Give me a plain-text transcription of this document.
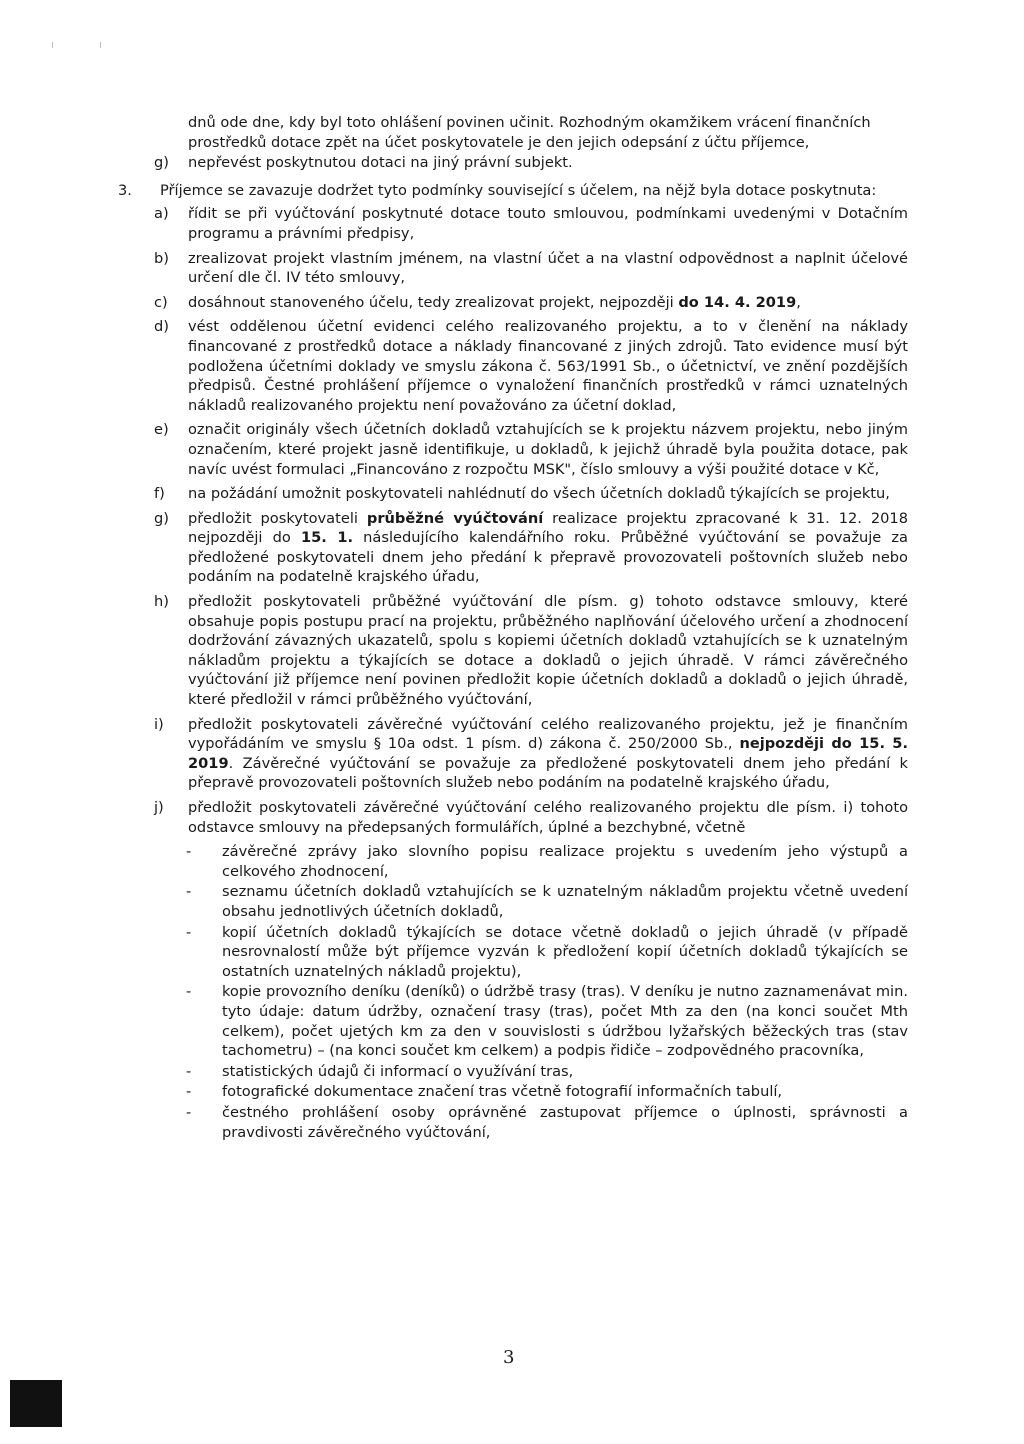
dnů ode dne, kdy byl toto ohlášení povinen učinit. Rozhodným okamžikem vrácení finančních prostředků dotace zpět na účet poskytovatele je den jejich odepsání z účtu příjemce,

g) nepřevést poskytnutou dotaci na jiný právní subjekt.
3. Příjemce se zavazuje dodržet tyto podmínky související s účelem, na nějž byla dotace poskytnuta:
a) řídit se při vyúčtování poskytnuté dotace touto smlouvou, podmínkami uvedenými v Dotačním programu a právními předpisy,
b) zrealizovat projekt vlastním jménem, na vlastní účet a na vlastní odpovědnost a naplnit účelové určení dle čl. IV této smlouvy,
c) dosáhnout stanoveného účelu, tedy zrealizovat projekt, nejpozději do 14. 4. 2019,
d) vést oddělenou účetní evidenci celého realizovaného projektu, a to v členění na náklady financované z prostředků dotace a náklady financované z jiných zdrojů. Tato evidence musí být podložena účetními doklady ve smyslu zákona č. 563/1991 Sb., o účetnictví, ve znění pozdějších předpisů. Čestné prohlášení příjemce o vynaložení finančních prostředků v rámci uznatelných nákladů realizovaného projektu není považováno za účetní doklad,
e) označit originály všech účetních dokladů vztahujících se k projektu názvem projektu, nebo jiným označením, které projekt jasně identifikuje, u dokladů, k jejichž úhradě byla použita dotace, pak navíc uvést formulaci „Financováno z rozpočtu MSK", číslo smlouvy a výši použité dotace v Kč,
f) na požádání umožnit poskytovateli nahlédnutí do všech účetních dokladů týkajících se projektu,
g) předložit poskytovateli průběžné vyúčtování realizace projektu zpracované k 31. 12. 2018 nejpozději do 15. 1. následujícího kalendářního roku. Průběžné vyúčtování se považuje za předložené poskytovateli dnem jeho předání k přepravě provozovateli poštovních služeb nebo podáním na podatelně krajského úřadu,
h) předložit poskytovateli průběžné vyúčtování dle písm. g) tohoto odstavce smlouvy, které obsahuje popis postupu prací na projektu, průběžného naplňování účelového určení a zhodnocení dodržování závazných ukazatelů, spolu s kopiemi účetních dokladů vztahujících se k uznatelným nákladům projektu a týkajících se dotace a dokladů o jejich úhradě. V rámci závěrečného vyúčtování již příjemce není povinen předložit kopie účetních dokladů a dokladů o jejich úhradě, které předložil v rámci průběžného vyúčtování,
i) předložit poskytovateli závěrečné vyúčtování celého realizovaného projektu, jež je finančním vypořádáním ve smyslu § 10a odst. 1 písm. d) zákona č. 250/2000 Sb., nejpozději do 15. 5. 2019. Závěrečné vyúčtování se považuje za předložené poskytovateli dnem jeho předání k přepravě provozovateli poštovních služeb nebo podáním na podatelně krajského úřadu,
j) předložit poskytovateli závěrečné vyúčtování celého realizovaného projektu dle písm. i) tohoto odstavce smlouvy na předepsaných formulářích, úplné a bezchybné, včetně
- závěrečné zprávy jako slovního popisu realizace projektu s uvedením jeho výstupů a celkového zhodnocení,
- seznamu účetních dokladů vztahujících se k uznatelným nákladům projektu včetně uvedení obsahu jednotlivých účetních dokladů,
- kopií účetních dokladů týkajících se dotace včetně dokladů o jejich úhradě (v případě nesrovnalostí může být příjemce vyzván k předložení kopií účetních dokladů týkajících se ostatních uznatelných nákladů projektu),
- kopie provozního deníku (deníků) o údržbě trasy (tras). V deníku je nutno zaznamenávat min. tyto údaje: datum údržby, označení trasy (tras), počet Mth za den (na konci součet Mth celkem), počet ujetých km za den v souvislosti s údržbou lyžařských běžeckých tras (stav tachometru) – (na konci součet km celkem) a podpis řidiče – zodpovědného pracovníka,
- statistických údajů či informací o využívání tras,
- fotografické dokumentace značení tras včetně fotografií informačních tabulí,
- čestného prohlášení osoby oprávněné zastupovat příjemce o úplnosti, správnosti a pravdivosti závěrečného vyúčtování,
3
